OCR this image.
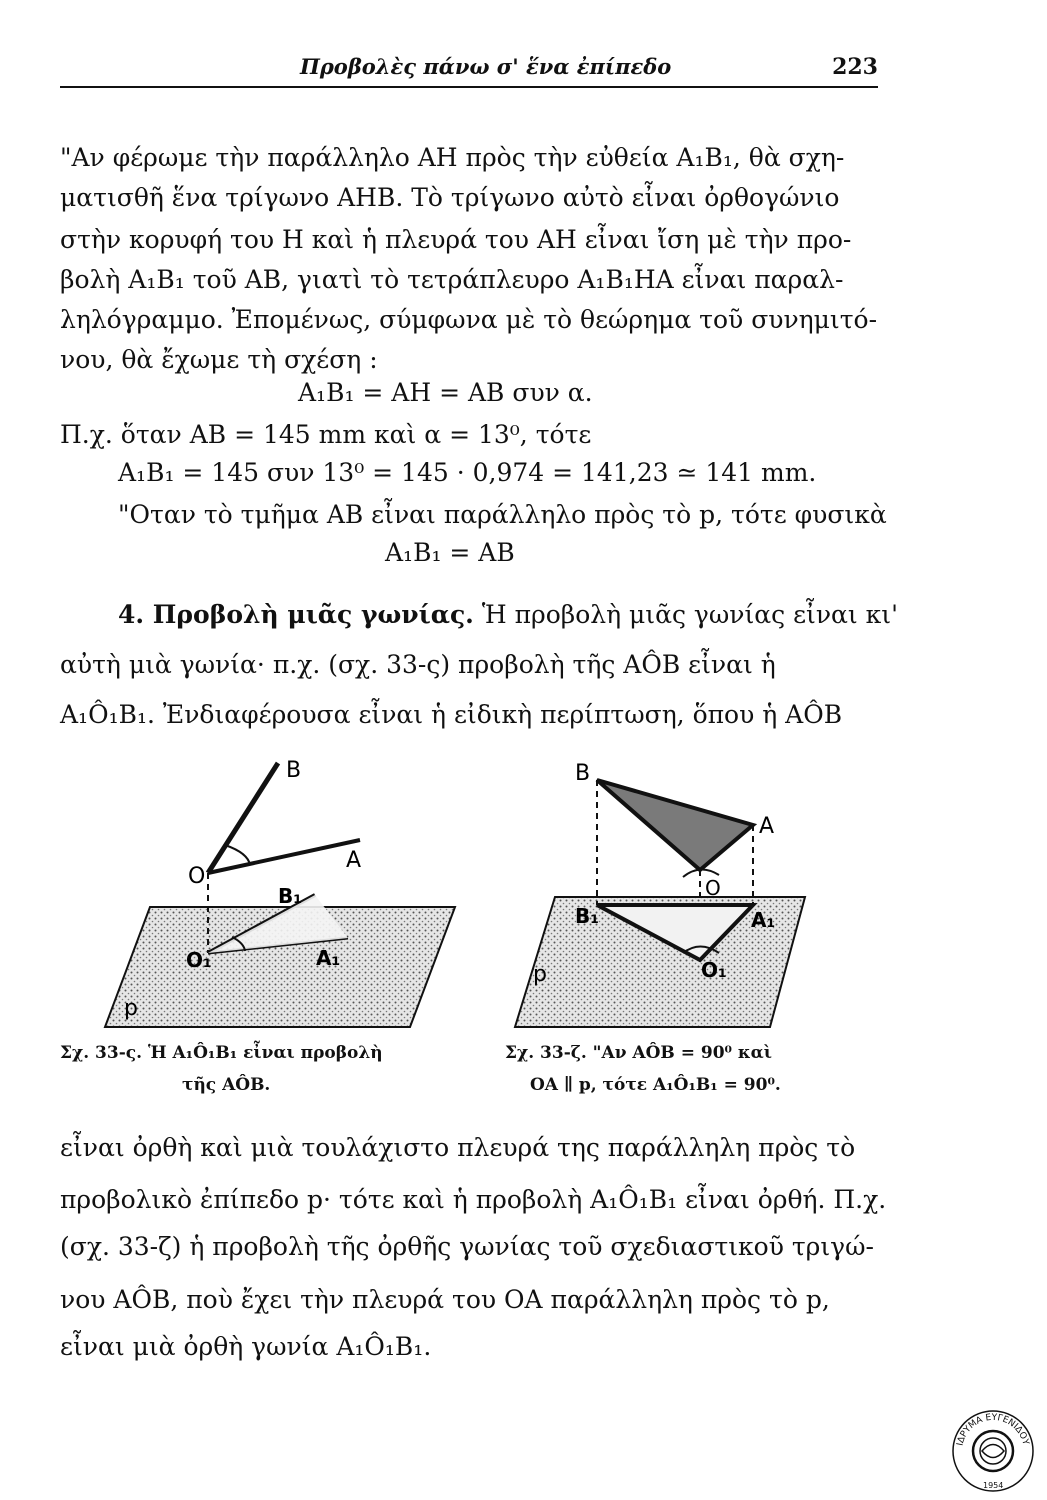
Προβολὲς πάνω σ' ἕνα ἐπίπεδο	223
"Αν φέρωμε τὴν παράλληλο AH πρὸς τὴν εὐθεία A₁B₁, θὰ σχη-
ματισθῆ ἕνα τρίγωνο AHB. Τὸ τρίγωνο αὐτὸ εἶναι ὀρθογώνιο
στὴν κορυφή του H καὶ ἡ πλευρά του AH εἶναι ἴση μὲ τὴν προ-
βολὴ A₁B₁ τοῦ AB, γιατὶ τὸ τετράπλευρο A₁B₁HA εἶναι παραλ-
ληλόγραμμο. Ἐπομένως, σύμφωνα μὲ τὸ θεώρημα τοῦ συνημιτό-
νου, θὰ ἔχωμε τὴ σχέση :
A₁B₁ = AH = AB συν α.
Π.χ. ὅταν AB = 145 mm καὶ α = 13⁰, τότε
A₁B₁ = 145 συν 13⁰ = 145 · 0,974 = 141,23 ≃ 141 mm.
"Οταν τὸ τμῆμα AB εἶναι παράλληλο πρὸς τὸ p, τότε φυσικὰ
A₁B₁ = AB
4. Προβολὴ μιᾶς γωνίας. Ἡ προβολὴ μιᾶς γωνίας εἶναι κι'
αὐτὴ μιὰ γωνία· π.χ. (σχ. 33-ς) προβολὴ τῆς AÔB εἶναι ἡ
A₁Ô₁B₁. Ἐνδιαφέρουσα εἶναι ἡ εἰδικὴ περίπτωση, ὅπου ἡ AÔB
B
O
A
B₁
O₁	A₁
p
B
A
O
B₁	A₁
O₁
p
Σχ. 33-ς. Ἡ A₁Ô₁B₁ εἶναι προβολὴ
τῆς AÔB.
Σχ. 33-ζ. "Αν AÔB = 90⁰ καὶ
OA ∥ p, τότε A₁Ô₁B₁ = 90⁰.
εἶναι ὀρθὴ καὶ μιὰ τουλάχιστο πλευρά της παράλληλη πρὸς τὸ
προβολικὸ ἐπίπεδο p· τότε καὶ ἡ προβολὴ A₁Ô₁B₁ εἶναι ὀρθή. Π.χ.
(σχ. 33-ζ) ἡ προβολὴ τῆς ὀρθῆς γωνίας τοῦ σχεδιαστικοῦ τριγώ-
νου AÔB, ποὺ ἔχει τὴν πλευρά του OA παράλληλη πρὸς τὸ p,
εἶναι μιὰ ὀρθὴ γωνία A₁Ô₁B₁.
ΙΔΡΥΜΑ ΕΥΓΕΝΙΔΟΥ
1954
